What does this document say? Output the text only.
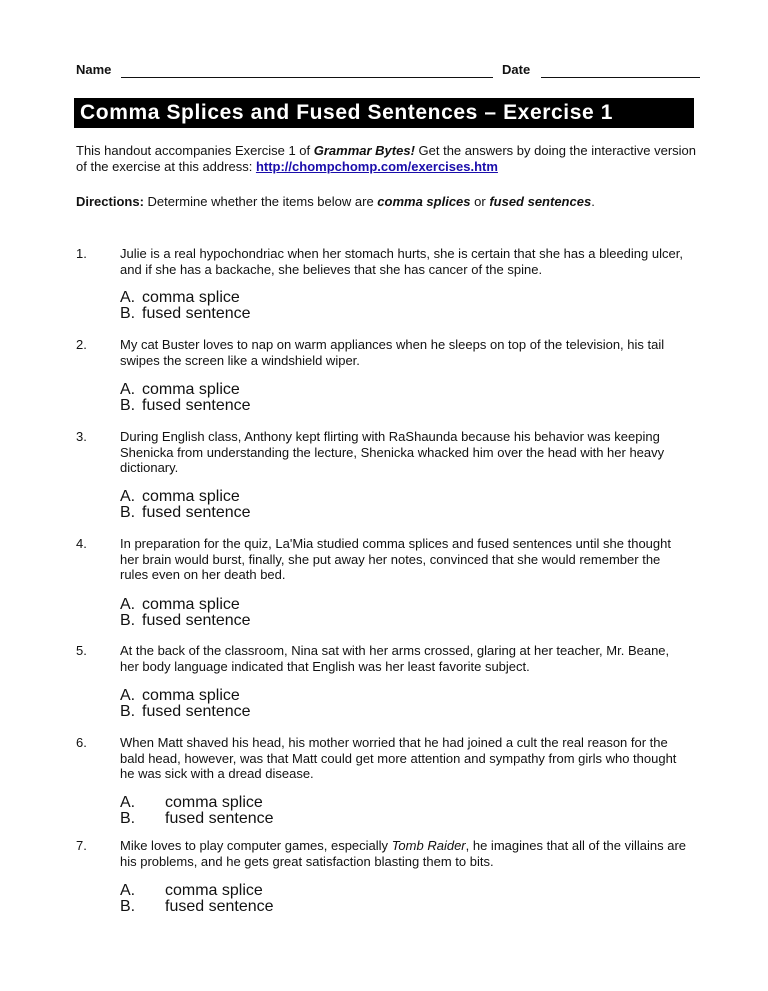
Name	Date
Comma Splices and Fused Sentences – Exercise 1
This handout accompanies Exercise 1 of Grammar Bytes! Get the answers by doing the interactive version of the exercise at this address: http://chompchomp.com/exercises.htm
Directions: Determine whether the items below are comma splices or fused sentences.
1.	Julie is a real hypochondriac when her stomach hurts, she is certain that she has a bleeding ulcer, and if she has a backache, she believes that she has cancer of the spine.
A. comma splice
B. fused sentence
2.	My cat Buster loves to nap on warm appliances when he sleeps on top of the television, his tail swipes the screen like a windshield wiper.
A. comma splice
B. fused sentence
3.	During English class, Anthony kept flirting with RaShaunda because his behavior was keeping Shenicka from understanding the lecture, Shenicka whacked him over the head with her heavy dictionary.
A. comma splice
B. fused sentence
4.	In preparation for the quiz, La'Mia studied comma splices and fused sentences until she thought her brain would burst, finally, she put away her notes, convinced that she would remember the rules even on her death bed.
A. comma splice
B. fused sentence
5.	At the back of the classroom, Nina sat with her arms crossed, glaring at her teacher, Mr. Beane, her body language indicated that English was her least favorite subject.
A. comma splice
B. fused sentence
6.	When Matt shaved his head, his mother worried that he had joined a cult the real reason for the bald head, however, was that Matt could get more attention and sympathy from girls who thought he was sick with a dread disease.
A. comma splice
B. fused sentence
7.	Mike loves to play computer games, especially Tomb Raider, he imagines that all of the villains are his problems, and he gets great satisfaction blasting them to bits.
A. comma splice
B. fused sentence
